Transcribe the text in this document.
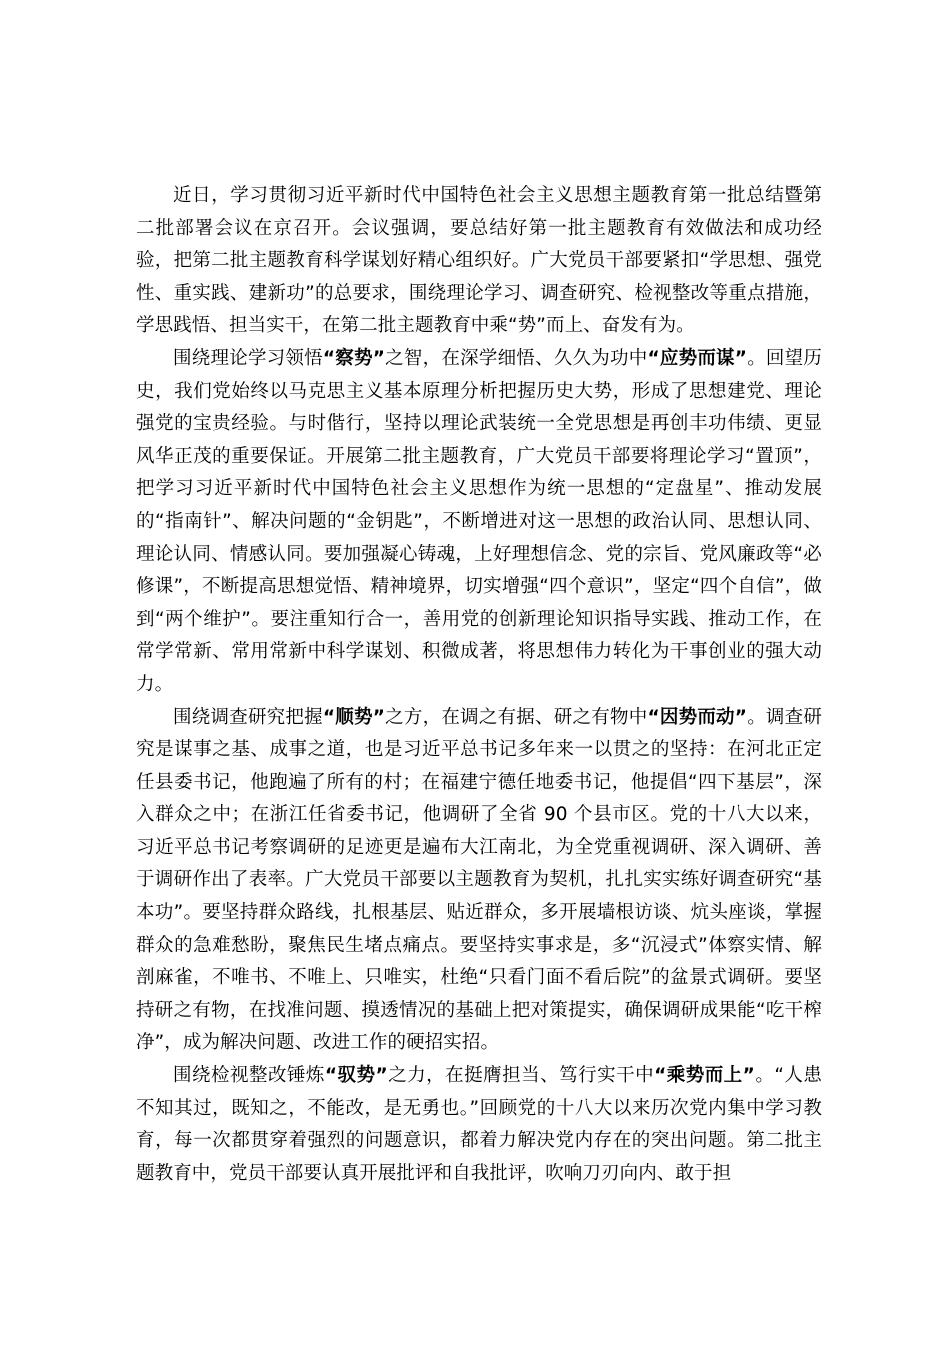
近日，学习贯彻习近平新时代中国特色社会主义思想主题教育第一批总结暨第二批部署会议在京召开。会议强调，要总结好第一批主题教育有效做法和成功经验，把第二批主题教育科学谋划好精心组织好。广大党员干部要紧扣“学思想、强党性、重实践、建新功”的总要求，围绕理论学习、调查研究、检视整改等重点措施，学思践悟、担当实干，在第二批主题教育中乘“势”而上、奋发有为。

围绕理论学习领悟“察势”之智，在深学细悟、久久为功中“应势而谋”。回望历史，我们党始终以马克思主义基本原理分析把握历史大势，形成了思想建党、理论强党的宝贵经验。与时偕行，坚持以理论武装统一全党思想是再创丰功伟绩、更显风华正茂的重要保证。开展第二批主题教育，广大党员干部要将理论学习“置顶”，把学习习近平新时代中国特色社会主义思想作为统一思想的“定盘星”、推动发展的“指南针”、解决问题的“金钥匙”，不断增进对这一思想的政治认同、思想认同、理论认同、情感认同。要加强凝心铸魂，上好理想信念、党的宗旨、党风廉政等“必修课”，不断提高思想觉悟、精神境界，切实增强“四个意识”，坚定“四个自信”，做到“两个维护”。要注重知行合一，善用党的创新理论知识指导实践、推动工作，在常学常新、常用常新中科学谋划、积微成著，将思想伟力转化为干事创业的强大动力。

围绕调查研究把握“顺势”之方，在调之有据、研之有物中“因势而动”。调查研究是谋事之基、成事之道，也是习近平总书记多年来一以贯之的坚持：在河北正定任县委书记，他跑遍了所有的村；在福建宁德任地委书记，他提倡“四下基层”，深入群众之中；在浙江任省委书记，他调研了全省 90 个县市区。党的十八大以来，习近平总书记考察调研的足迹更是遍布大江南北，为全党重视调研、深入调研、善于调研作出了表率。广大党员干部要以主题教育为契机，扎扎实实练好调查研究“基本功”。要坚持群众路线，扎根基层、贴近群众，多开展墙根访谈、炕头座谈，掌握群众的急难愁盼，聚焦民生堵点痛点。要坚持实事求是，多“沉浸式”体察实情、解剖麻雀，不唯书、不唯上、只唯实，杜绝“只看门面不看后院”的盆景式调研。要坚持研之有物，在找准问题、摸透情况的基础上把对策提实，确保调研成果能“吃干榨净”，成为解决问题、改进工作的硬招实招。

围绕检视整改锤炼“驭势”之力，在挺膺担当、笃行实干中“乘势而上”。“人患不知其过，既知之，不能改，是无勇也。”回顾党的十八大以来历次党内集中学习教育，每一次都贯穿着强烈的问题意识，都着力解决党内存在的突出问题。第二批主题教育中，党员干部要认真开展批评和自我批评，吹响刀刃向内、敢于担
